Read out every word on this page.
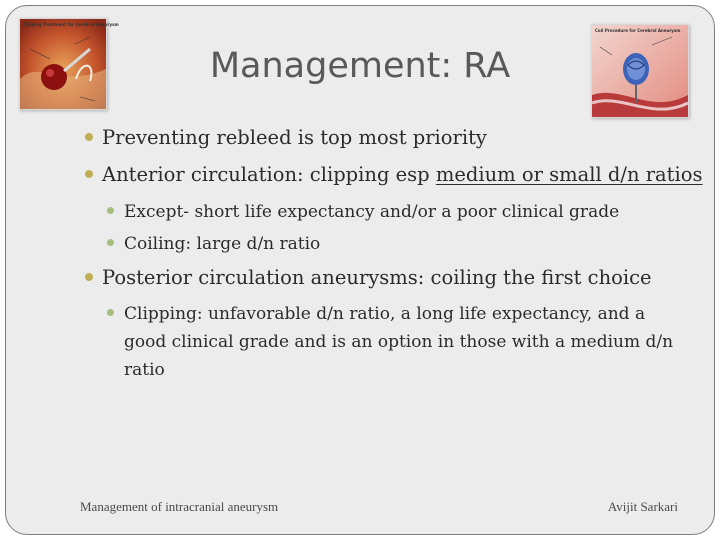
Clipping Treatment for Cerebral Aneurysm
Coil Procedure for Cerebral Aneurysm
Management: RA
Preventing rebleed is top most priority
Anterior circulation: clipping esp medium or small d/n ratios
Except- short life expectancy and/or a poor clinical grade
Coiling: large d/n ratio
Posterior circulation aneurysms: coiling the first choice
Clipping: unfavorable d/n ratio, a long life expectancy, and a good clinical grade and is an option in those with a medium d/n ratio
Management of intracranial aneurysm	Avijit Sarkari
